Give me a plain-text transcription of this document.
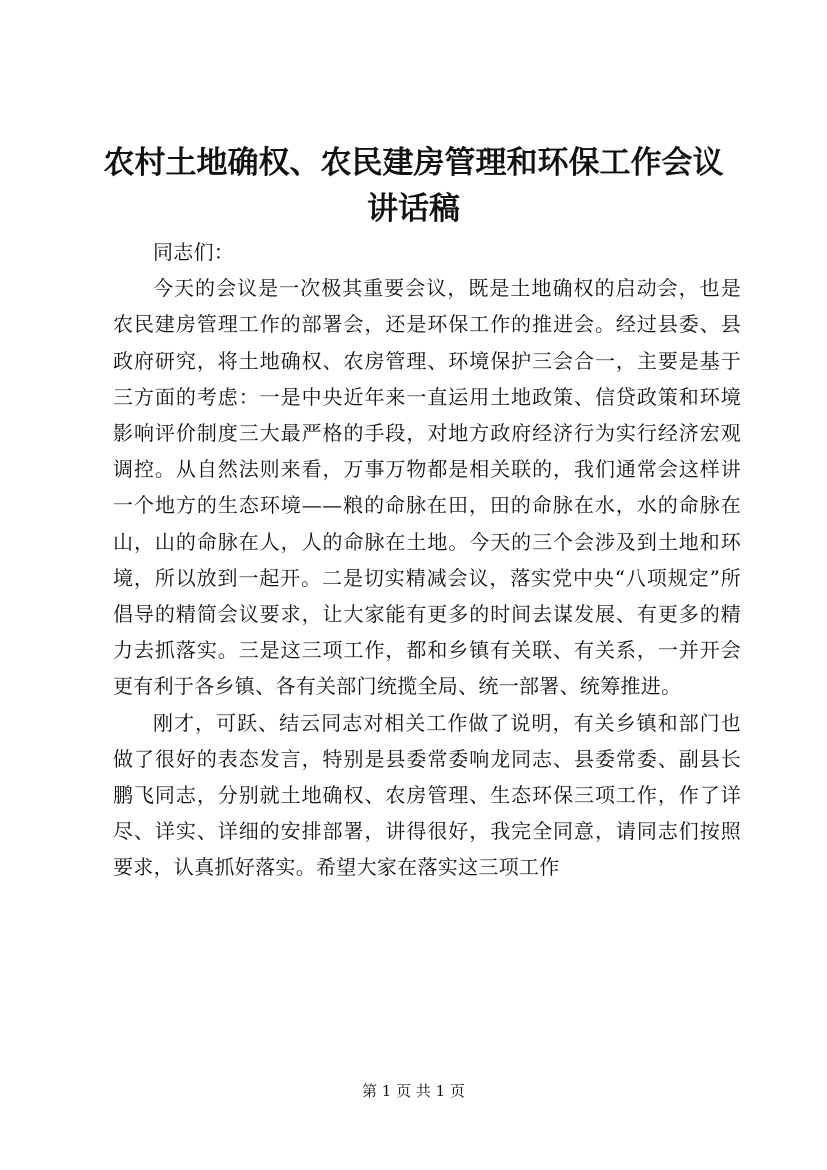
农村土地确权、农民建房管理和环保工作会议
讲话稿

同志们：

今天的会议是一次极其重要会议，既是土地确权的启动会，也是农民建房管理工作的部署会，还是环保工作的推进会。经过县委、县政府研究，将土地确权、农房管理、环境保护三会合一，主要是基于三方面的考虑：一是中央近年来一直运用土地政策、信贷政策和环境影响评价制度三大最严格的手段，对地方政府经济行为实行经济宏观调控。从自然法则来看，万事万物都是相关联的，我们通常会这样讲一个地方的生态环境——粮的命脉在田，田的命脉在水，水的命脉在山，山的命脉在人，人的命脉在土地。今天的三个会涉及到土地和环境，所以放到一起开。二是切实精减会议，落实党中央“八项规定”所倡导的精简会议要求，让大家能有更多的时间去谋发展、有更多的精力去抓落实。三是这三项工作，都和乡镇有关联、有关系，一并开会更有利于各乡镇、各有关部门统揽全局、统一部署、统筹推进。

刚才，可跃、结云同志对相关工作做了说明，有关乡镇和部门也做了很好的表态发言，特别是县委常委响龙同志、县委常委、副县长鹏飞同志，分别就土地确权、农房管理、生态环保三项工作，作了详尽、详实、详细的安排部署，讲得很好，我完全同意，请同志们按照要求，认真抓好落实。希望大家在落实这三项工作

第 1 页 共 1 页
